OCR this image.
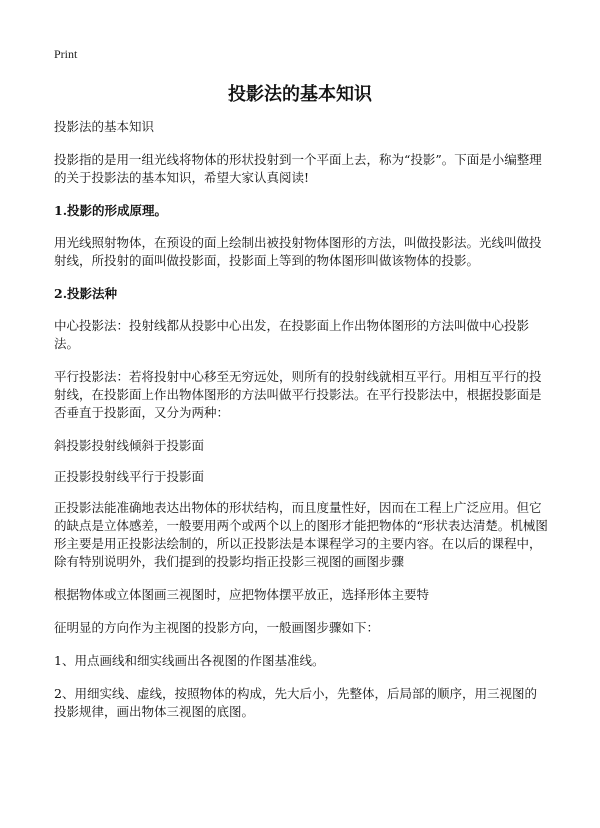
Print
投影法的基本知识

投影法的基本知识

投影指的是用一组光线将物体的形状投射到一个平面上去，称为“投影”。下面是小编整理的关于投影法的基本知识，希望大家认真阅读!

1.投影的形成原理。

用光线照射物体，在预设的面上绘制出被投射物体图形的方法，叫做投影法。光线叫做投射线，所投射的面叫做投影面，投影面上等到的物体图形叫做该物体的投影。

2.投影法种

中心投影法：投射线都从投影中心出发，在投影面上作出物体图形的方法叫做中心投影法。

平行投影法：若将投射中心移至无穷远处，则所有的投射线就相互平行。用相互平行的投射线，在投影面上作出物体图形的方法叫做平行投影法。在平行投影法中，根据投影面是否垂直于投影面，又分为两种：

斜投影投射线倾斜于投影面

正投影投射线平行于投影面

正投影法能准确地表达出物体的形状结构，而且度量性好，因而在工程上广泛应用。但它的缺点是立体感差，一般要用两个或两个以上的图形才能把物体的“形状表达清楚。机械图形主要是用正投影法绘制的，所以正投影法是本课程学习的主要内容。在以后的课程中，除有特别说明外，我们提到的投影均指正投影三视图的画图步骤

根据物体或立体图画三视图时，应把物体摆平放正，选择形体主要特

征明显的方向作为主视图的投影方向，一般画图步骤如下：

1、用点画线和细实线画出各视图的作图基准线。

2、用细实线、虚线，按照物体的构成，先大后小，先整体，后局部的顺序，用三视图的投影规律，画出物体三视图的底图。
